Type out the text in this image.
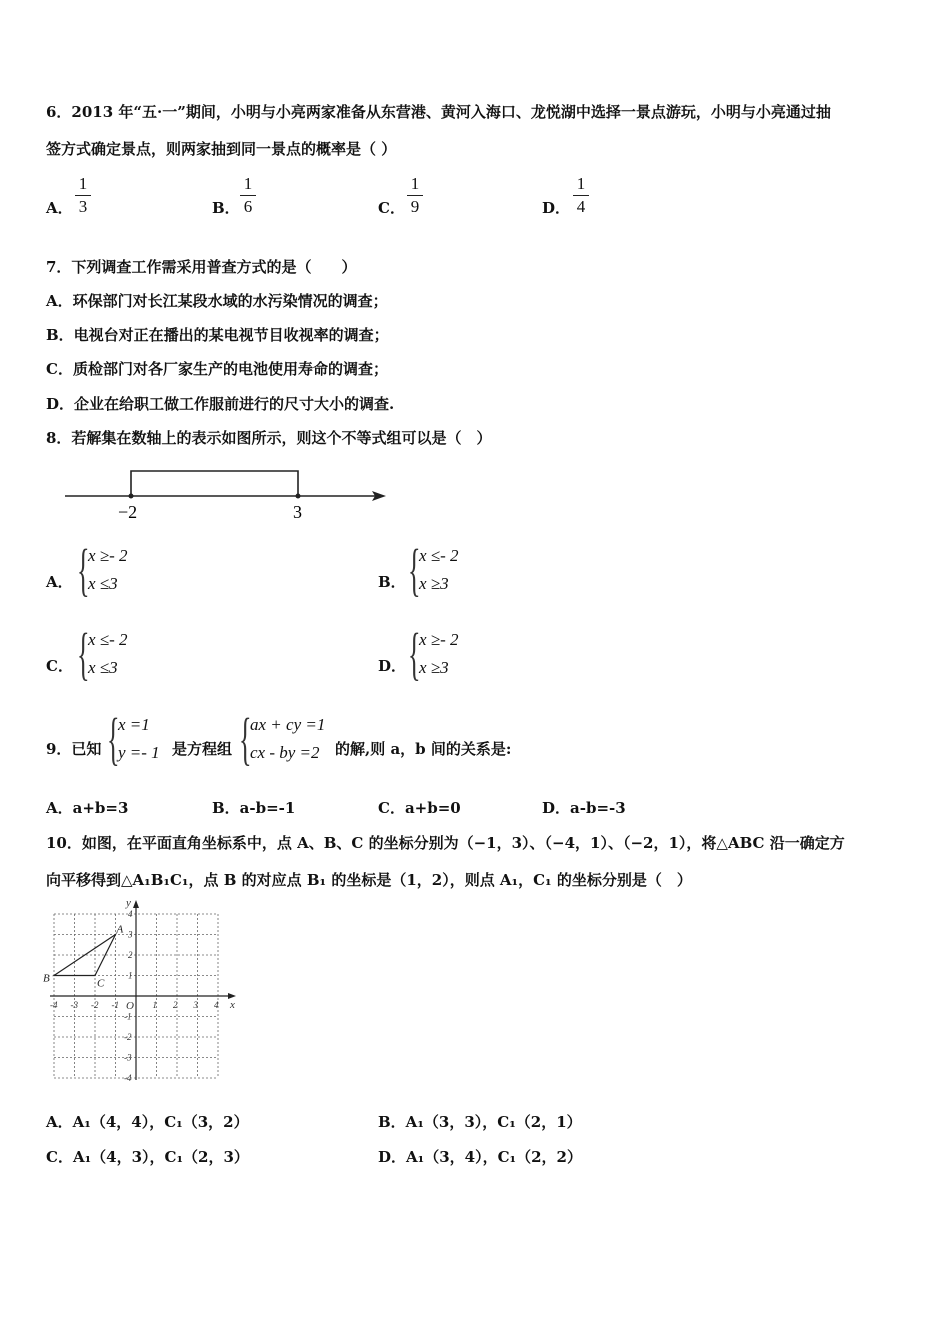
6．2013 年“五·一”期间，小明与小亮两家准备从东营港、黄河入海口、龙悦湖中选择一景点游玩，小明与小亮通过抽
签方式确定景点，则两家抽到同一景点的概率是（ ）
A．
1
3	B．
1
6	C．
1
9	D．
1
4
7．下列调查工作需采用普查方式的是（　　）
A．环保部门对长江某段水域的水污染情况的调查；
B．电视台对正在播出的某电视节目收视率的调查；
C．质检部门对各厂家生产的电池使用寿命的调查；
D．企业在给职工做工作服前进行的尺寸大小的调查.
8．若解集在数轴上的表示如图所示，则这个不等式组可以是（　）
−2	3
A． {
x ≥- 2
x ≤3	B． {
x ≤- 2
x ≥3
C． {
x ≤- 2
x ≤3	D． {
x ≥- 2
x ≥3
9．已知 {
x =1
y =- 1 是方程组 {
ax + cy =1
cx - by =2	的解,则 a，b 间的关系是:
A．a+b=3	B．a-b=-1	C．a+b=0	D．a-b=-3
10．如图，在平面直角坐标系中，点 A、B、C 的坐标分别为（−1，3）、（−4，1）、（−2，1），将△ABC 沿一确定方
向平移得到△A₁B₁C₁，点 B 的对应点 B₁ 的坐标是（1，2），则点 A₁，C₁ 的坐标分别是（　）
-4 -3 -2 -1	1 2 3 4
4
3
2
1
-1
-2
-3
-4
x
y
O
A
B	C
A．A₁（4，4），C₁（3，2）	B．A₁（3，3），C₁（2，1）
C．A₁（4，3），C₁（2，3）	D．A₁（3，4），C₁（2，2）
